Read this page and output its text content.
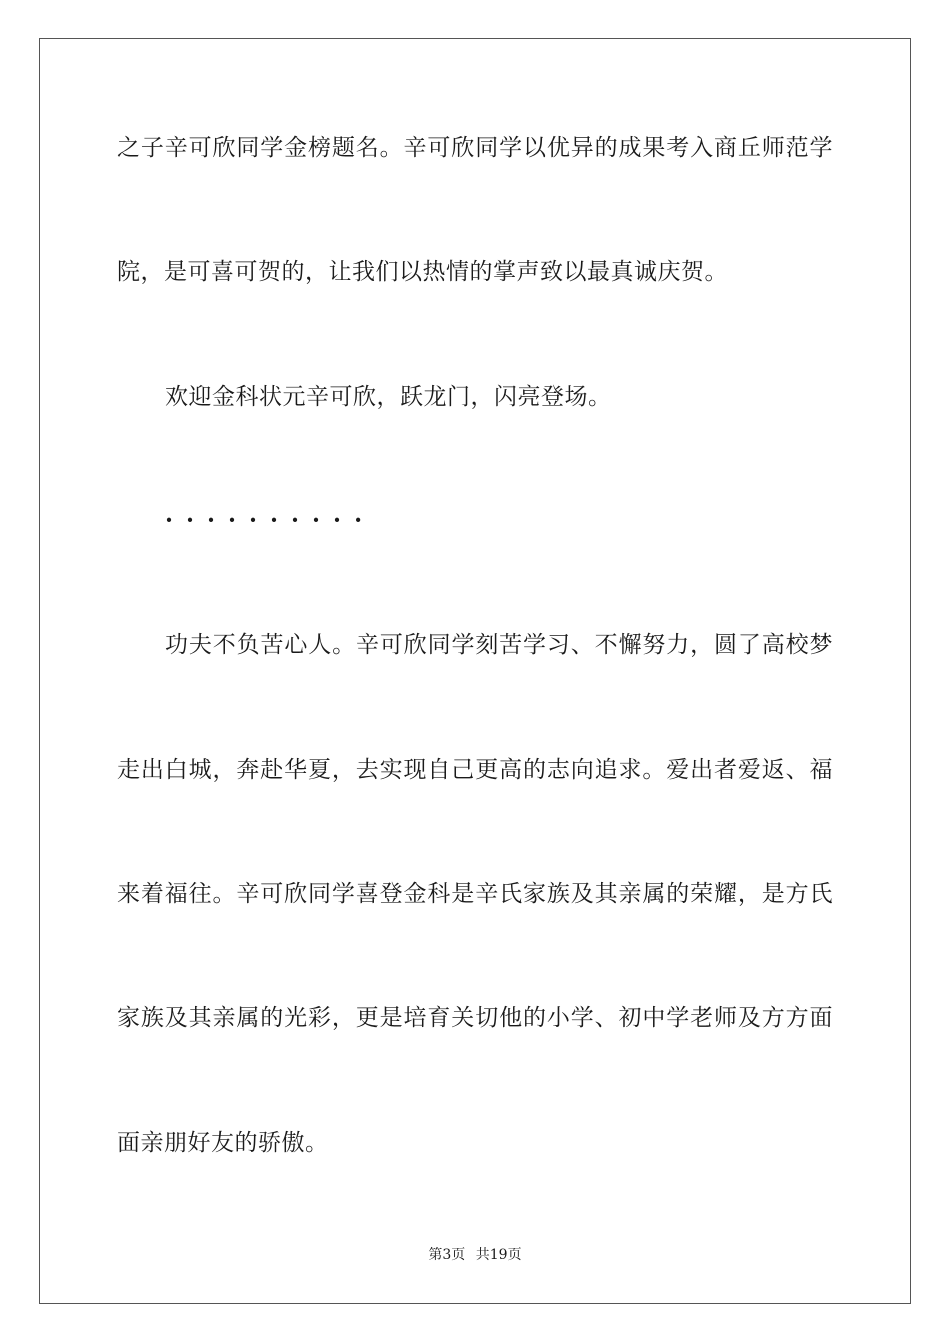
之子辛可欣同学金榜题名。辛可欣同学以优异的成果考入商丘师范学
院，是可喜可贺的，让我们以热情的掌声致以最真诚庆贺。
欢迎金科状元辛可欣，跃龙门，闪亮登场。
··········
功夫不负苦心人。辛可欣同学刻苦学习、不懈努力，圆了高校梦
走出白城，奔赴华夏，去实现自己更高的志向追求。爱出者爱返、福
来着福往。辛可欣同学喜登金科是辛氏家族及其亲属的荣耀，是方氏
家族及其亲属的光彩，更是培育关切他的小学、初中学老师及方方面
面亲朋好友的骄傲。
第3页 共19页
